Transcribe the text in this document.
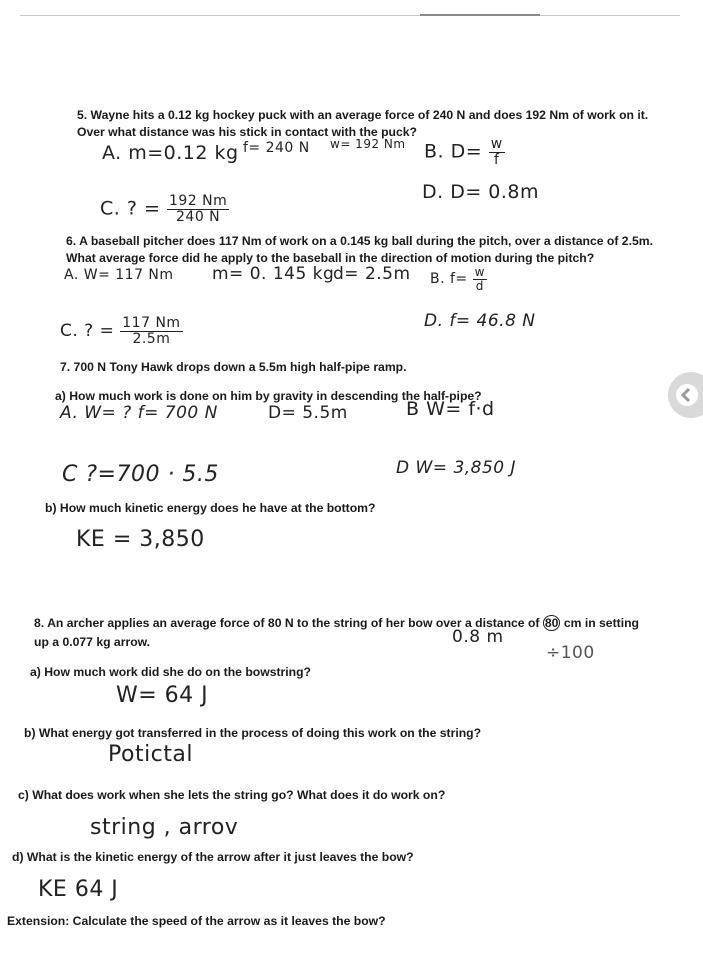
5. Wayne hits a 0.12 kg hockey puck with an average force of 240 N and does 192 Nm of work on it.
Over what distance was his stick in contact with the puck?
A. m=0.12 kg f= 240 N w= 192 Nm B. $D= \frac{w}{f}$
C. ? = $\frac{192 Nm}{240 N}$
D. D= 0.8m
6. A baseball pitcher does 117 Nm of work on a 0.145 kg ball during the pitch, over a distance of 2.5m.
What average force did he apply to the baseball in the direction of motion during the pitch?
A. W= 117 Nm m= 0. 145 kg
d= 2.5m B. $f= \frac{w}{d}$
C. ? = $\frac{117 Nm}{2.5m}$	D. f= 46.8 N
7. 700 N Tony Hawk drops down a 5.5m high half-pipe ramp.
a) How much work is done on him by gravity in descending the half-pipe?
A. W= ? f= 700 N	D= 5.5m	B W= f·d
C ?=700 · 5.5	D W= 3,850 J
b) How much kinetic energy does he have at the bottom?
KE = 3,850
8. An archer applies an average force of 80 N to the string of her bow over a distance of 80 cm in setting
up a 0.077 kg arrow.	0.8 m
÷100
a) How much work did she do on the bowstring?
W= 64 J
b) What energy got transferred in the process of doing this work on the string?
Potictal
c) What does work when she lets the string go? What does it do work on?
string , arrov
d) What is the kinetic energy of the arrow after it just leaves the bow?
KE 64 J
Extension: Calculate the speed of the arrow as it leaves the bow?
